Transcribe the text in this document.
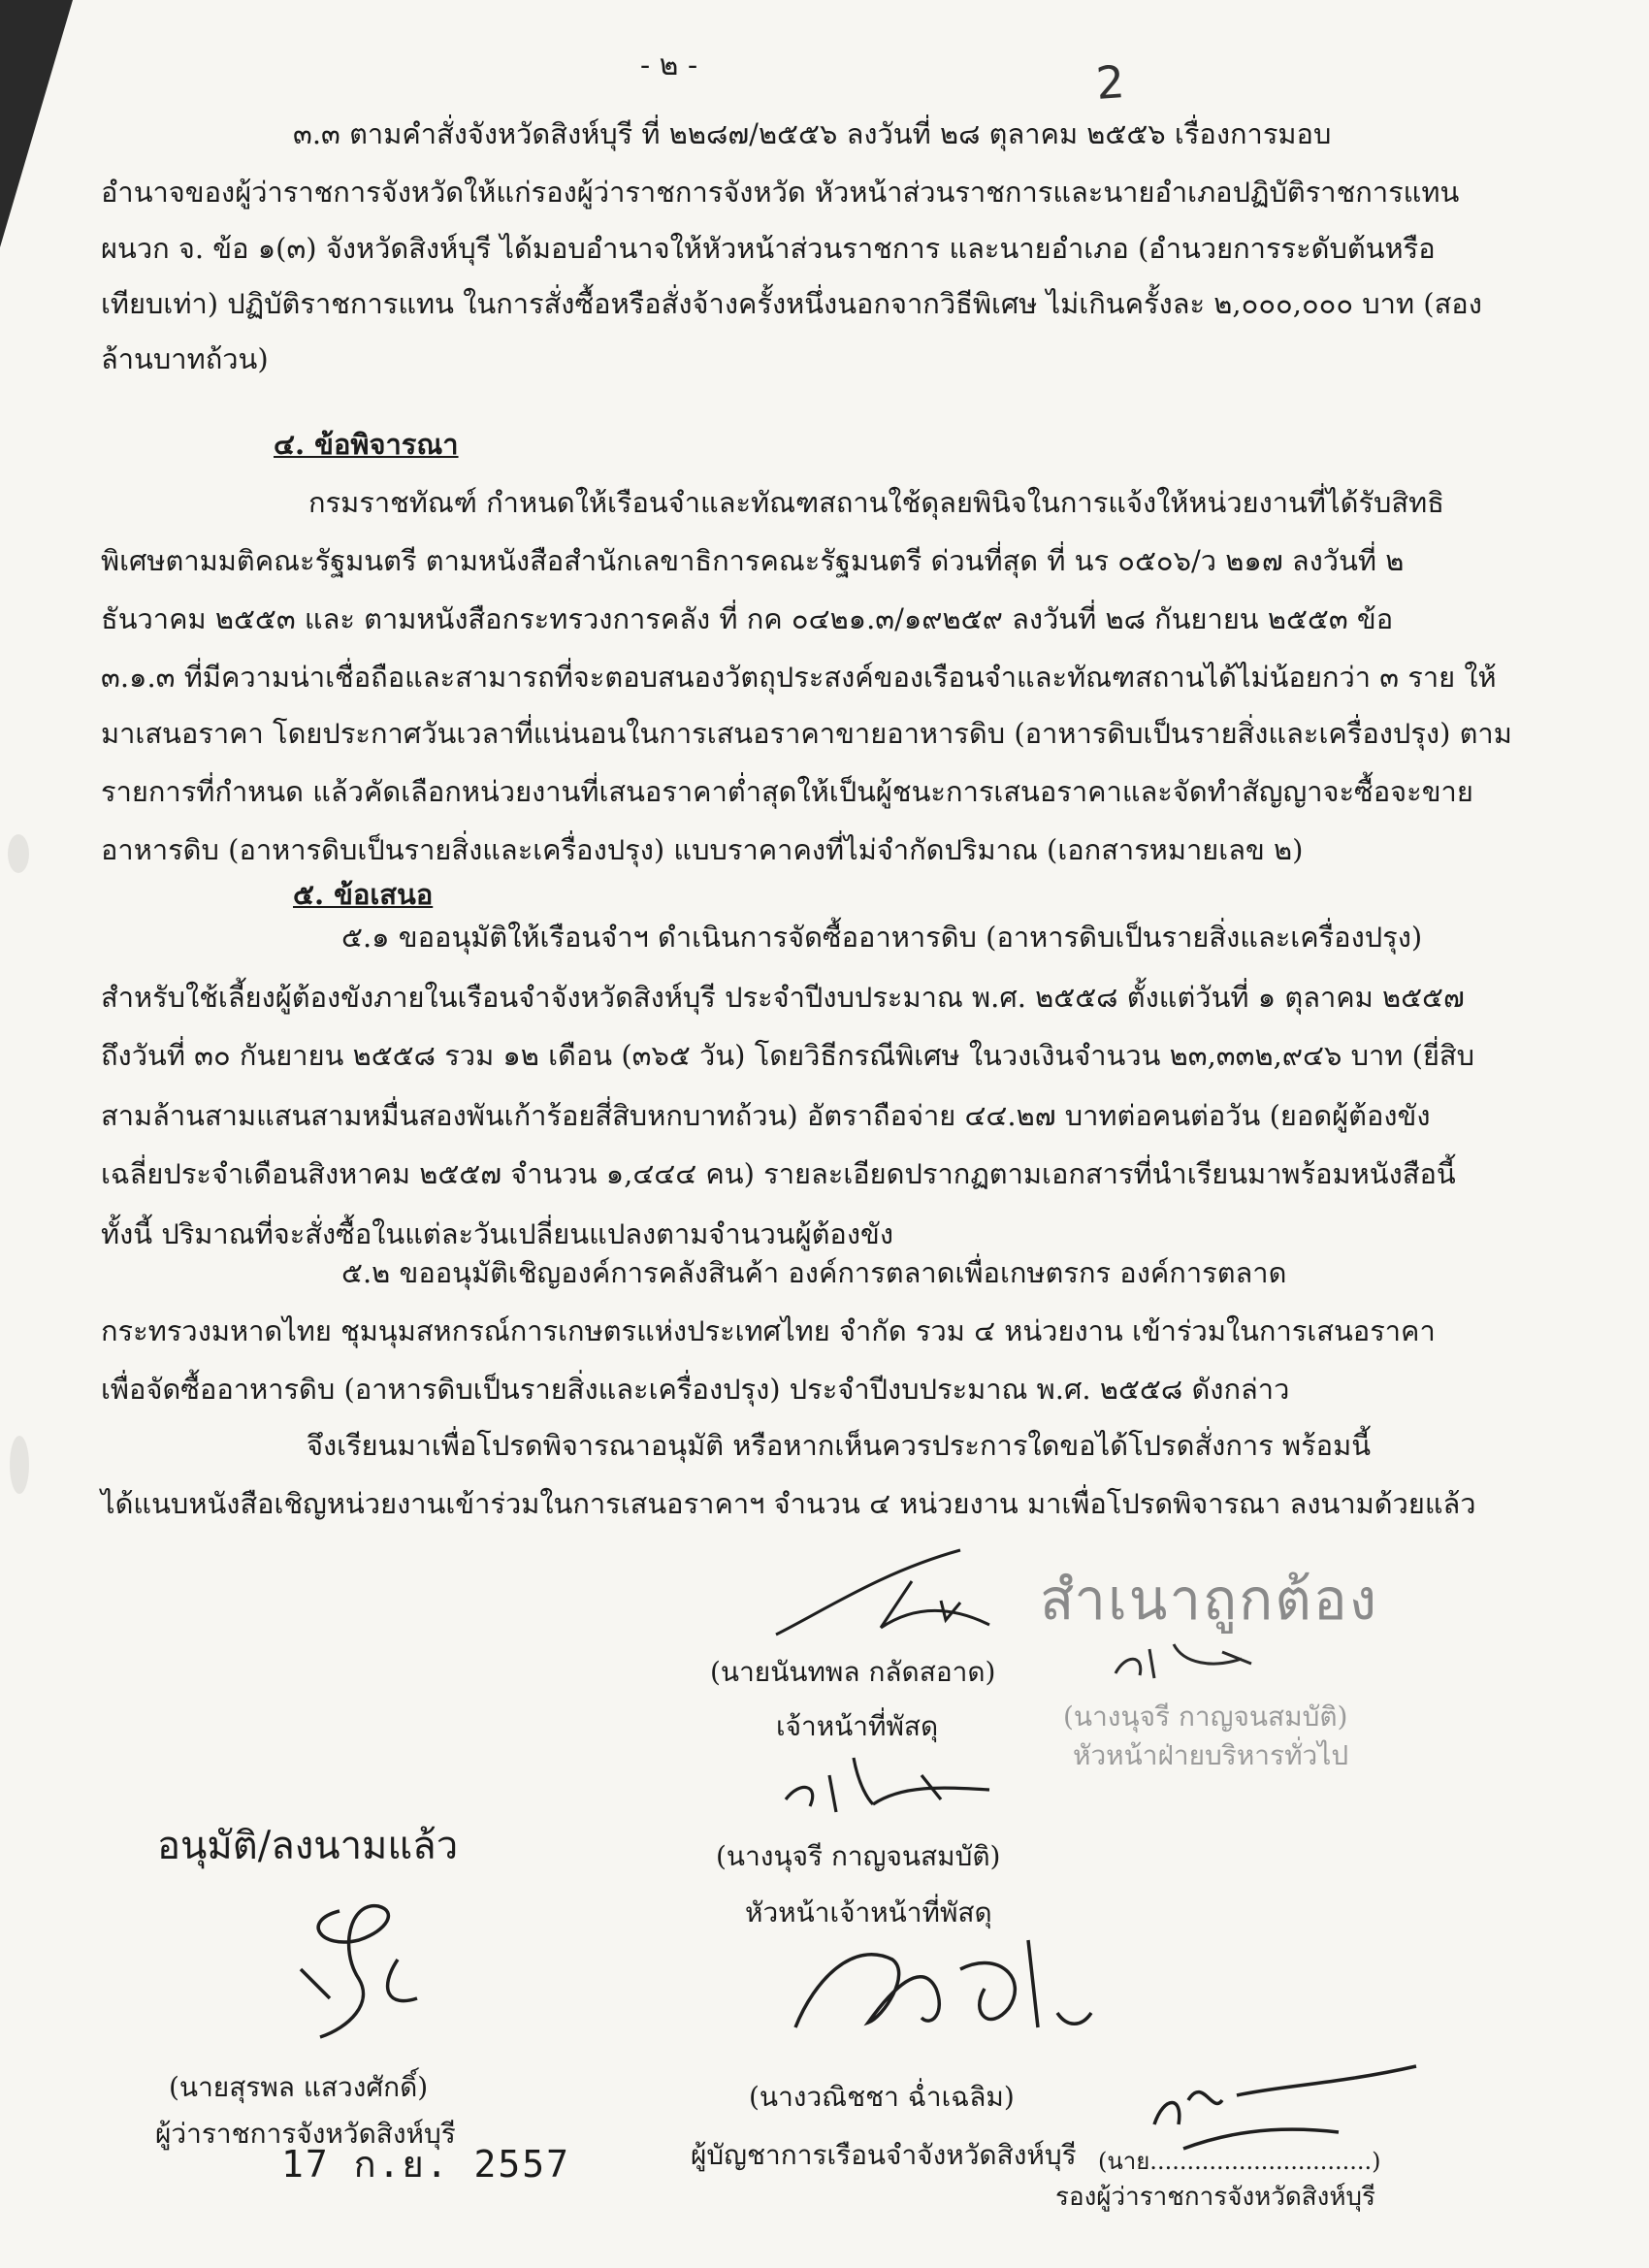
- ๒ -	2
๓.๓ ตามคำสั่งจังหวัดสิงห์บุรี ที่ ๒๒๘๗/๒๕๕๖ ลงวันที่ ๒๘ ตุลาคม ๒๕๕๖ เรื่องการมอบ
อำนาจของผู้ว่าราชการจังหวัดให้แก่รองผู้ว่าราชการจังหวัด หัวหน้าส่วนราชการและนายอำเภอปฏิบัติราชการแทน
ผนวก จ. ข้อ ๑(๓) จังหวัดสิงห์บุรี ได้มอบอำนาจให้หัวหน้าส่วนราชการ และนายอำเภอ (อำนวยการระดับต้นหรือ
เทียบเท่า) ปฏิบัติราชการแทน ในการสั่งซื้อหรือสั่งจ้างครั้งหนึ่งนอกจากวิธีพิเศษ ไม่เกินครั้งละ ๒,๐๐๐,๐๐๐ บาท (สอง
ล้านบาทถ้วน)
๔. ข้อพิจารณา
กรมราชทัณฑ์ กำหนดให้เรือนจำและทัณฑสถานใช้ดุลยพินิจในการแจ้งให้หน่วยงานที่ได้รับสิทธิ
พิเศษตามมติคณะรัฐมนตรี ตามหนังสือสำนักเลขาธิการคณะรัฐมนตรี ด่วนที่สุด ที่ นร ๐๕๐๖/ว ๒๑๗ ลงวันที่ ๒
ธันวาคม ๒๕๕๓ และ ตามหนังสือกระทรวงการคลัง ที่ กค ๐๔๒๑.๓/๑๙๒๕๙ ลงวันที่ ๒๘ กันยายน ๒๕๕๓ ข้อ
๓.๑.๓ ที่มีความน่าเชื่อถือและสามารถที่จะตอบสนองวัตถุประสงค์ของเรือนจำและทัณฑสถานได้ไม่น้อยกว่า ๓ ราย ให้
มาเสนอราคา โดยประกาศวันเวลาที่แน่นอนในการเสนอราคาขายอาหารดิบ (อาหารดิบเป็นรายสิ่งและเครื่องปรุง) ตาม
รายการที่กำหนด แล้วคัดเลือกหน่วยงานที่เสนอราคาต่ำสุดให้เป็นผู้ชนะการเสนอราคาและจัดทำสัญญาจะซื้อจะขาย
อาหารดิบ (อาหารดิบเป็นรายสิ่งและเครื่องปรุง) แบบราคาคงที่ไม่จำกัดปริมาณ (เอกสารหมายเลข ๒)
๕. ข้อเสนอ
๕.๑ ขออนุมัติให้เรือนจำฯ ดำเนินการจัดซื้ออาหารดิบ (อาหารดิบเป็นรายสิ่งและเครื่องปรุง)
สำหรับใช้เลี้ยงผู้ต้องขังภายในเรือนจำจังหวัดสิงห์บุรี ประจำปีงบประมาณ พ.ศ. ๒๕๕๘ ตั้งแต่วันที่ ๑ ตุลาคม ๒๕๕๗
ถึงวันที่ ๓๐ กันยายน ๒๕๕๘ รวม ๑๒ เดือน (๓๖๕ วัน) โดยวิธีกรณีพิเศษ ในวงเงินจำนวน ๒๓,๓๓๒,๙๔๖ บาท (ยี่สิบ
สามล้านสามแสนสามหมื่นสองพันเก้าร้อยสี่สิบหกบาทถ้วน) อัตราถือจ่าย ๔๔.๒๗ บาทต่อคนต่อวัน (ยอดผู้ต้องขัง
เฉลี่ยประจำเดือนสิงหาคม ๒๕๕๗ จำนวน ๑,๔๔๔ คน) รายละเอียดปรากฏตามเอกสารที่นำเรียนมาพร้อมหนังสือนี้
ทั้งนี้ ปริมาณที่จะสั่งซื้อในแต่ละวันเปลี่ยนแปลงตามจำนวนผู้ต้องขัง
๕.๒ ขออนุมัติเชิญองค์การคลังสินค้า องค์การตลาดเพื่อเกษตรกร องค์การตลาด
กระทรวงมหาดไทย ชุมนุมสหกรณ์การเกษตรแห่งประเทศไทย จำกัด รวม ๔ หน่วยงาน เข้าร่วมในการเสนอราคา
เพื่อจัดซื้ออาหารดิบ (อาหารดิบเป็นรายสิ่งและเครื่องปรุง) ประจำปีงบประมาณ พ.ศ. ๒๕๕๘ ดังกล่าว
จึงเรียนมาเพื่อโปรดพิจารณาอนุมัติ หรือหากเห็นควรประการใดขอได้โปรดสั่งการ พร้อมนี้
ได้แนบหนังสือเชิญหน่วยงานเข้าร่วมในการเสนอราคาฯ จำนวน ๔ หน่วยงาน มาเพื่อโปรดพิจารณา ลงนามด้วยแล้ว
(นายนันทพล กลัดสอาด)
เจ้าหน้าที่พัสดุ
สำเนาถูกต้อง
(นางนุจรี กาญจนสมบัติ)
หัวหน้าฝ่ายบริหารทั่วไป
(นางนุจรี กาญจนสมบัติ)
หัวหน้าเจ้าหน้าที่พัสดุ
อนุมัติ/ลงนามแล้ว
(นางวณิชชา ฉ่ำเฉลิม)
ผู้บัญชาการเรือนจำจังหวัดสิงห์บุรี
(นายสุรพล แสวงศักดิ์)
ผู้ว่าราชการจังหวัดสิงห์บุรี
17 ก.ย. 2557	(นาย..............................)
รองผู้ว่าราชการจังหวัดสิงห์บุรี
